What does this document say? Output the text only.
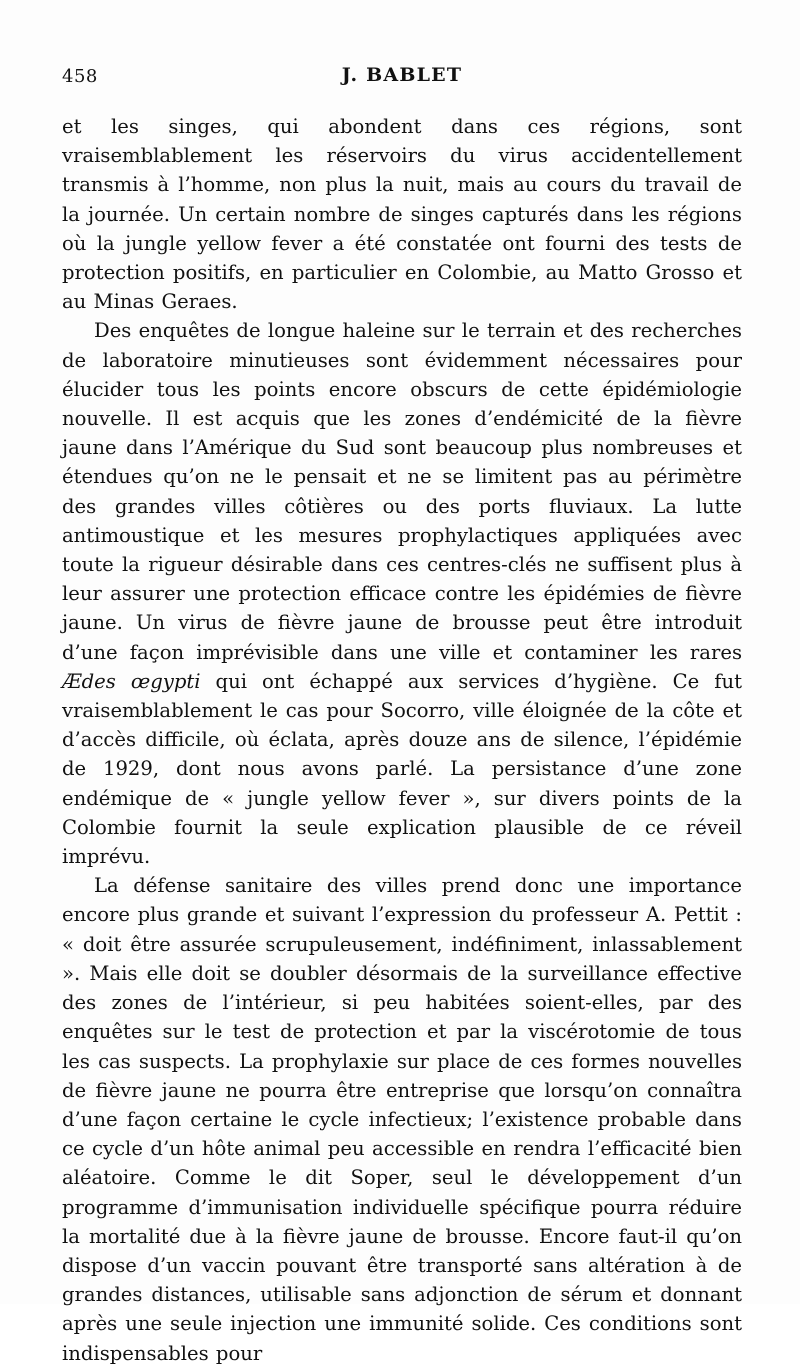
458	J. BABLET

et les singes, qui abondent dans ces régions, sont vraisemblablement les réservoirs du virus accidentellement transmis à l’homme, non plus la nuit, mais au cours du travail de la journée. Un certain nombre de singes capturés dans les régions où la jungle yellow fever a été constatée ont fourni des tests de protection positifs, en particulier en Colombie, au Matto Grosso et au Minas Geraes.

Des enquêtes de longue haleine sur le terrain et des recherches de laboratoire minutieuses sont évidemment nécessaires pour élucider tous les points encore obscurs de cette épidémiologie nouvelle. Il est acquis que les zones d’endémicité de la fièvre jaune dans l’Amérique du Sud sont beaucoup plus nombreuses et étendues qu’on ne le pensait et ne se limitent pas au périmètre des grandes villes côtières ou des ports fluviaux. La lutte antimoustique et les mesures prophylactiques appliquées avec toute la rigueur désirable dans ces centres-clés ne suffisent plus à leur assurer une protection efficace contre les épidémies de fièvre jaune. Un virus de fièvre jaune de brousse peut être introduit d’une façon imprévisible dans une ville et contaminer les rares Ædes œgypti qui ont échappé aux services d’hygiène. Ce fut vraisemblablement le cas pour Socorro, ville éloignée de la côte et d’accès difficile, où éclata, après douze ans de silence, l’épidémie de 1929, dont nous avons parlé. La persistance d’une zone endémique de « jungle yellow fever », sur divers points de la Colombie fournit la seule explication plausible de ce réveil imprévu.

La défense sanitaire des villes prend donc une importance encore plus grande et suivant l’expression du professeur A. Pettit : « doit être assurée scrupuleusement, indéfiniment, inlassablement ». Mais elle doit se doubler désormais de la surveillance effective des zones de l’intérieur, si peu habitées soient-elles, par des enquêtes sur le test de protection et par la viscérotomie de tous les cas suspects. La prophylaxie sur place de ces formes nouvelles de fièvre jaune ne pourra être entreprise que lorsqu’on connaîtra d’une façon certaine le cycle infectieux; l’existence probable dans ce cycle d’un hôte animal peu accessible en rendra l’efficacité bien aléatoire. Comme le dit Soper, seul le développement d’un programme d’immunisation individuelle spécifique pourra réduire la mortalité due à la fièvre jaune de brousse. Encore faut-il qu’on dispose d’un vaccin pouvant être transporté sans altération à de grandes distances, utilisable sans adjonction de sérum et donnant après une seule injection une immunité solide. Ces conditions sont indispensables pour
